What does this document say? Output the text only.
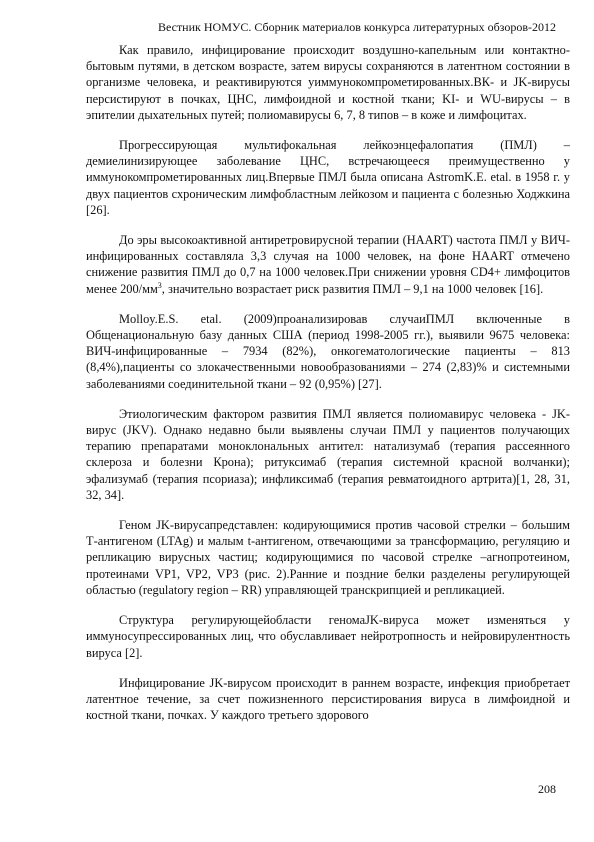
Вестник НОМУС. Сборник материалов конкурса литературных обзоров-2012

Как правило, инфицирование происходит воздушно-капельным или контактно-бытовым путями, в детском возрасте, затем вирусы сохраняются в латентном состоянии в организме человека, и реактивируются уиммунокомпрометированных.ВК- и JK-вирусы персистируют в почках, ЦНС, лимфоидной и костной ткани; KI- и WU-вирусы – в эпителии дыхательных путей; полиомавирусы 6, 7, 8 типов – в коже и лимфоцитах.

Прогрессирующая мультифокальная лейкоэнцефалопатия (ПМЛ) – демиелинизирующее заболевание ЦНС, встречающееся преимущественно у иммунокомпрометированных лиц.Впервые ПМЛ была описана AstromK.E. etal. в 1958 г. у двух пациентов схроническим лимфобластным лейкозом и пациента с болезнью Ходжкина [26].

До эры высокоактивной антиретровирусной терапии (HAART) частота ПМЛ у ВИЧ-инфицированных составляла 3,3 случая на 1000 человек, на фоне HAART отмечено снижение развития ПМЛ до 0,7 на 1000 человек.При снижении уровня CD4+ лимфоцитов менее $200/мм^3$, значительно возрастает риск развития ПМЛ – 9,1 на 1000 человек [16].

Molloy.E.S. etal. (2009)проанализировав случаиПМЛ включенные в Общенациональную базу данных США (период 1998-2005 гг.), выявили 9675 человека: ВИЧ-инфицированные – 7934 (82%), онкогематологические пациенты – 813 (8,4%),пациенты со злокачественными новообразованиями – 274 (2,83)% и системными заболеваниями соединительной ткани – 92 (0,95%) [27].

Этиологическим фактором развития ПМЛ является полиомавирус человека - JK-вирус (JKV). Однако недавно были выявлены случаи ПМЛ у пациентов получающих терапию препаратами моноклональных антител: натализумаб (терапия рассеянного склероза и болезни Крона); ритуксимаб (терапия системной красной волчанки); эфализумаб (терапия псориаза); инфликсимаб (терапия ревматоидного артрита)[1, 28, 31, 32, 34].

Геном JK-вирусапредставлен: кодирующимися против часовой стрелки – большим Т-антигеном (LTAg) и малым t-антигеном, отвечающими за трансформацию, регуляцию и репликацию вирусных частиц; кодирующимися по часовой стрелке –агнопротеином, протеинами VP1, VP2, VP3 (рис. 2).Ранние и поздние белки разделены регулирующей областью (regulatory region – RR) управляющей транскрипцией и репликацией.

Структура регулирующейобласти геномаJK-вируса может изменяться у иммуносупрессированных лиц, что обуславливает нейротропность и нейровирулентность вируса [2].

Инфицирование JK-вирусом происходит в раннем возрасте, инфекция приобретает латентное течение, за счет пожизненного персистирования вируса в лимфоидной и костной ткани, почках. У каждого третьего здорового

208
